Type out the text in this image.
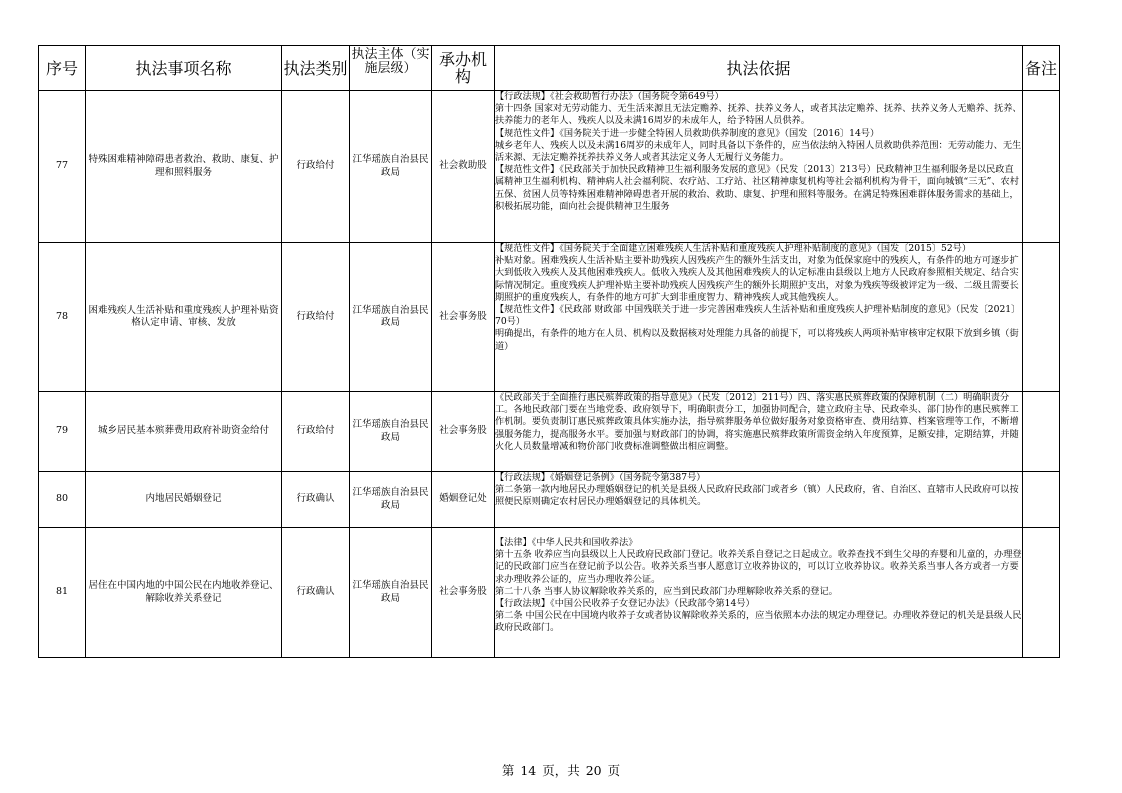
序号	执法事项名称	执法类别	执法主体（实施层级）	承办机构	执法依据	备注
77	特殊困难精神障碍患者救治、救助、康复、护理和照料服务	行政给付	江华瑶族自治县民政局	社会救助股	【行政法规】《社会救助暂行办法》（国务院令第649号）

第十四条 国家对无劳动能力、无生活来源且无法定赡养、抚养、扶养义务人，或者其法定赡养、抚养、扶养义务人无赡养、抚养、扶养能力的老年人、残疾人以及未满16周岁的未成年人，给予特困人员供养。

【规范性文件】《国务院关于进一步健全特困人员救助供养制度的意见》（国发〔2016〕14号）

城乡老年人、残疾人以及未满16周岁的未成年人，同时具备以下条件的，应当依法纳入特困人员救助供养范围：无劳动能力、无生活来源、无法定赡养抚养扶养义务人或者其法定义务人无履行义务能力。

【规范性文件】《民政部关于加快民政精神卫生福利服务发展的意见》（民发〔2013〕213号）民政精神卫生福利服务是以民政直属精神卫生福利机构、精神病人社会福利院、农疗站、工疗站、社区精神康复机构等社会福利机构为骨干，面向城镇“三无”、农村五保、贫困人员等特殊困难精神障碍患者开展的救治、救助、康复、护理和照料等服务。在满足特殊困难群体服务需求的基础上，积极拓展功能，面向社会提供精神卫生服务	

78	困难残疾人生活补贴和重度残疾人护理补贴资格认定申请、审核、发放	行政给付	江华瑶族自治县民政局	社会事务股	【规范性文件】《国务院关于全面建立困难残疾人生活补贴和重度残疾人护理补贴制度的意见》（国发〔2015〕52号）

补贴对象。困难残疾人生活补贴主要补助残疾人因残疾产生的额外生活支出，对象为低保家庭中的残疾人，有条件的地方可逐步扩大到低收入残疾人及其他困难残疾人。低收入残疾人及其他困难残疾人的认定标准由县级以上地方人民政府参照相关规定、结合实际情况制定。重度残疾人护理补贴主要补助残疾人因残疾产生的额外长期照护支出，对象为残疾等级被评定为一级、二级且需要长期照护的重度残疾人，有条件的地方可扩大到非重度智力、精神残疾人或其他残疾人。

【规范性文件】《民政部 财政部 中国残联关于进一步完善困难残疾人生活补贴和重度残疾人护理补贴制度的意见》（民发〔2021〕70号）

明确提出，有条件的地方在人员、机构以及数据核对处理能力具备的前提下，可以将残疾人两项补贴审核审定权限下放到乡镇（街道）	

79	城乡居民基本殡葬费用政府补助资金给付	行政给付	江华瑶族自治县民政局	社会事务股	《民政部关于全面推行惠民殡葬政策的指导意见》（民发〔2012〕211号）四、落实惠民殡葬政策的保障机制（二）明确职责分工。各地民政部门要在当地党委、政府领导下，明确职责分工，加强协同配合，建立政府主导、民政牵头、部门协作的惠民殡葬工作机制。要负责制订惠民殡葬政策具体实施办法，指导殡葬服务单位做好服务对象资格审查、费用结算、档案管理等工作，不断增强服务能力，提高服务水平。要加强与财政部门的协调，将实施惠民殡葬政策所需资金纳入年度预算，足额安排，定期结算，并随火化人员数量增减和物价部门收费标准调整做出相应调整。	

80	内地居民婚姻登记	行政确认	江华瑶族自治县民政局	婚姻登记处	【行政法规】《婚姻登记条例》（国务院令第387号）

第二条第一款内地居民办理婚姻登记的机关是县级人民政府民政部门或者乡（镇）人民政府，省、自治区、直辖市人民政府可以按照便民原则确定农村居民办理婚姻登记的具体机关。	

81	居住在中国内地的中国公民在内地收养登记、解除收养关系登记	行政确认	江华瑶族自治县民政局	社会事务股	【法律】《中华人民共和国收养法》

第十五条 收养应当向县级以上人民政府民政部门登记。收养关系自登记之日起成立。收养查找不到生父母的弃婴和儿童的，办理登记的民政部门应当在登记前予以公告。收养关系当事人愿意订立收养协议的，可以订立收养协议。收养关系当事人各方或者一方要求办理收养公证的，应当办理收养公证。

第二十八条 当事人协议解除收养关系的，应当到民政部门办理解除收养关系的登记。

【行政法规】《中国公民收养子女登记办法》（民政部令第14号）

第二条 中国公民在中国境内收养子女或者协议解除收养关系的，应当依照本办法的规定办理登记。办理收养登记的机关是县级人民政府民政部门。	

第 14 页，共 20 页
